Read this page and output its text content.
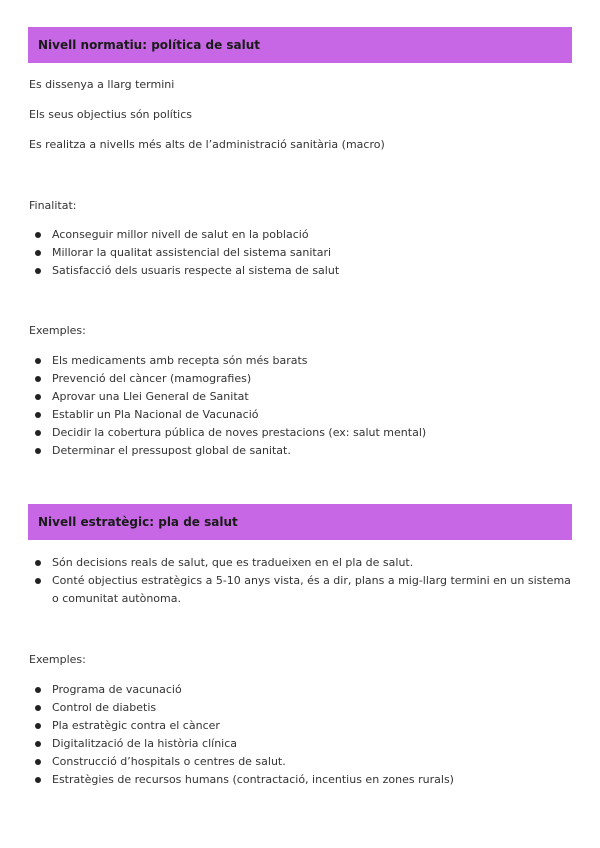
Nivell normatiu: política de salut
Es dissenya a llarg termini
Els seus objectius són polítics
Es realitza a nivells més alts de l’administració sanitària (macro)
Finalitat:
Aconseguir millor nivell de salut en la població
Millorar la qualitat assistencial del sistema sanitari
Satisfacció dels usuaris respecte al sistema de salut
Exemples:
Els medicaments amb recepta són més barats
Prevenció del càncer (mamografies)
Aprovar una Llei General de Sanitat
Establir un Pla Nacional de Vacunació
Decidir la cobertura pública de noves prestacions (ex: salut mental)
Determinar el pressupost global de sanitat.
Nivell estratègic: pla de salut
Són decisions reals de salut, que es tradueixen en el pla de salut.
Conté objectius estratègics a 5-10 anys vista, és a dir, plans a mig-llarg termini en un sistema o comunitat autònoma.
Exemples:
Programa de vacunació
Control de diabetis
Pla estratègic contra el càncer
Digitalització de la història clínica
Construcció d’hospitals o centres de salut.
Estratègies de recursos humans (contractació, incentius en zones rurals)
